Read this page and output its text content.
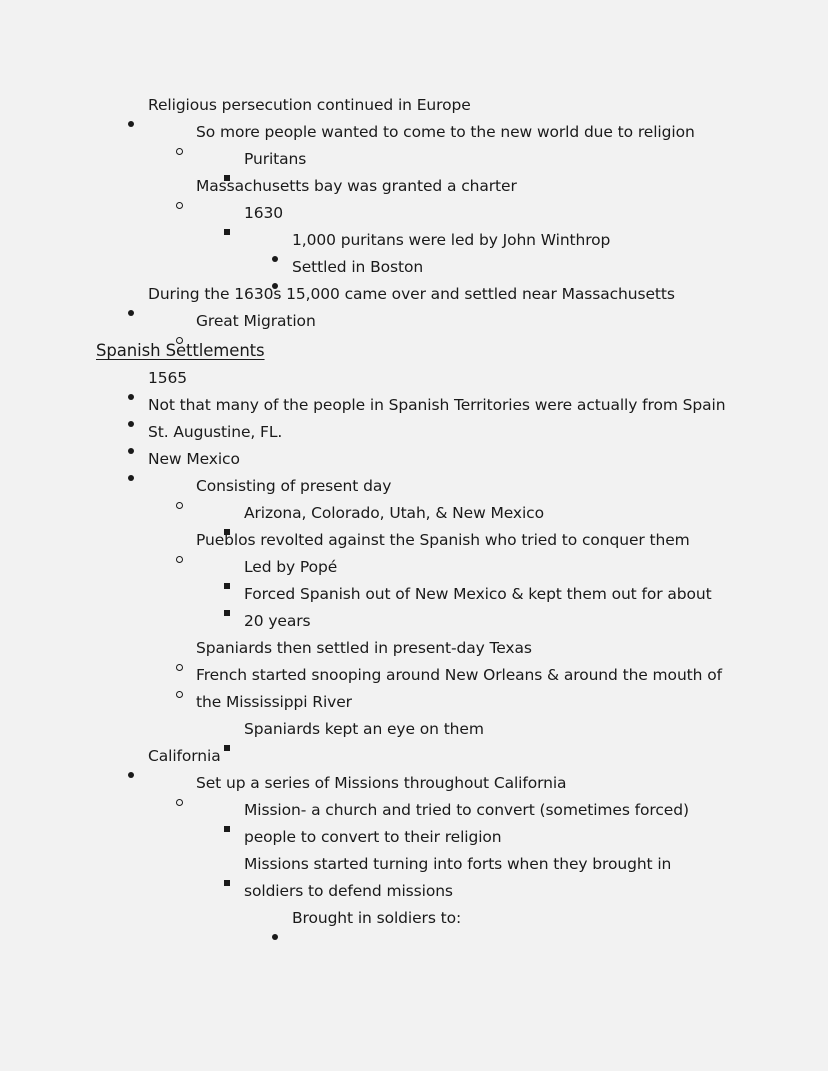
Religious persecution continued in Europe
So more people wanted to come to the new world due to religion
Puritans
Massachusetts bay was granted a charter
1630
1,000 puritans were led by John Winthrop
Settled in Boston
During the 1630s 15,000 came over and settled near Massachusetts
Great Migration
Spanish Settlements
1565
Not that many of the people in Spanish Territories were actually from Spain
St. Augustine, FL.
New Mexico
Consisting of present day
Arizona, Colorado, Utah, & New Mexico
Pueblos revolted against the Spanish who tried to conquer them
Led by Popé
Forced Spanish out of New Mexico & kept them out for about 20 years
Spaniards then settled in present-day Texas
French started snooping around New Orleans & around the mouth of the Mississippi River
Spaniards kept an eye on them
California
Set up a series of Missions throughout California
Mission- a church and tried to convert (sometimes forced) people to convert to their religion
Missions started turning into forts when they brought in soldiers to defend missions
Brought in soldiers to:
